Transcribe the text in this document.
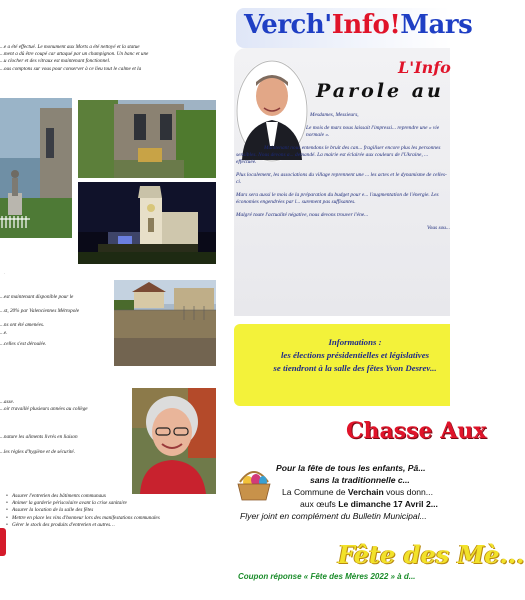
...e a été effectué. Le monument aux Morts a été nettoyé et la statue
...ment a dû être coupé car attaqué par un champignon. Un banc et une
...u clocher et des vitraux est maintenant fonctionnel.
...ous comptons sur vous pour conserver à ce lieu tout le calme et la
...est maintenant disponible pour le
...st, 20% par Valenciennes Métropole
...ns ont été amenées.
...e.
...celles s'est déroulée.
...asse.
...oir travaillé plusieurs années au collège
...nature les aliments livrés en liaison
...les règles d'hygiène et de sécurité.
• Assurer l'entretien des bâtiments communaux
• Animer la garderie périscolaire avant la crise sanitaire
• Assurer la location de la salle des fêtes
• Mettre en place les vins d'honneur lors des manifestations communales
• Gérer le stock des produits d'entretien et autres…
Verch'Info!Mars
L'Info
Parole au
Mesdames, Messieurs,
Le mois de mars nous laissait l'impressi... reprendre une « vie normale ».
Maintenant nous entendons le bruit des can... fragiliser encore plus les personnes sensibles. Nous devons a... demandé. La mairie est éclairée aux couleurs de l'Ukraine, ... effectuée.
Plus localement, les associations du village reprennent une ... les actes et le dynamisme de celles-ci.
Mars sera aussi le mois de la préparation du budget pour e... l'augmentation de l'énergie. Les économies engendrées par l... surement pas suffisantes.
Malgré toute l'actualité négative, nous devons trouver l'éne...
Vous sou...
Informations :
les élections présidentielles et législatives
se tiendront à la salle des fêtes Yvon Desrev...
Chasse Aux
Pour la fête de tous les enfants, Pâ...
sans la traditionnelle c...
La Commune de Verchain vous donn...
aux œufs Le dimanche 17 Avril 2...
Flyer joint en complément du Bulletin Municipal...
Fête des Mè...
Coupon réponse « Fête des Mères 2022 » à d...
